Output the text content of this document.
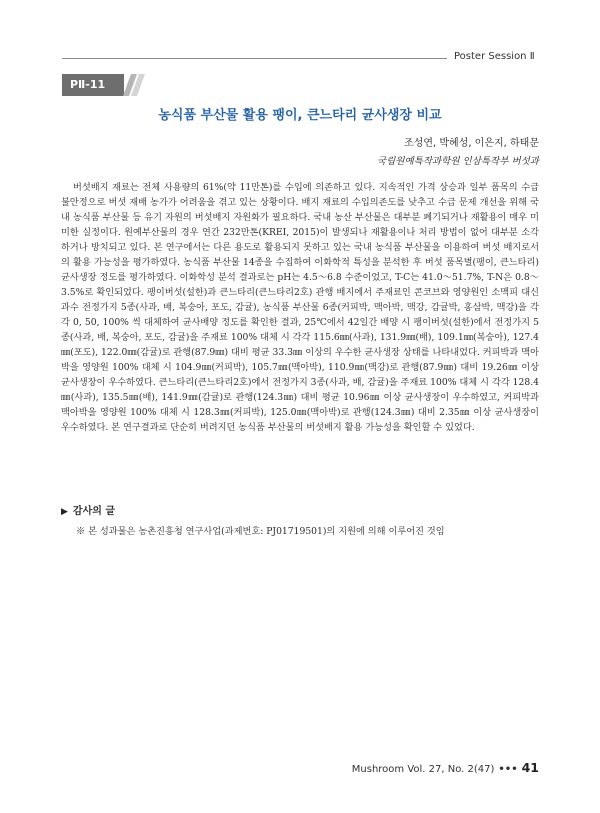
Poster Session Ⅱ
PⅡ-11
농식품 부산물 활용 팽이, 큰느타리 균사생장 비교
조성연, 박혜성, 이은지, 하태문
국립원예특작과학원 인삼특작부 버섯과

버섯배지 재료는 전체 사용량의 61%(약 11만톤)를 수입에 의존하고 있다. 지속적인 가격 상승과 일부 품목의 수급 불안정으로 버섯 재배 농가가 어려움을 겪고 있는 상황이다. 배지 재료의 수입의존도를 낮추고 수급 문제 개선을 위해 국내 농식품 부산물 등 유기 자원의 버섯배지 자원화가 필요하다. 국내 농산 부산물은 대부분 폐기되거나 재활용이 매우 미미한 실정이다. 원예부산물의 경우 연간 232만톤(KREI, 2015)이 발생되나 재활용이나 처리 방법이 없어 대부분 소각하거나 방치되고 있다. 본 연구에서는 다른 용도로 활용되지 못하고 있는 국내 농식품 부산물을 이용하여 버섯 배지로서의 활용 가능성을 평가하였다. 농식품 부산물 14종을 수집하여 이화학적 특성을 분석한 후 버섯 품목별(팽이, 큰느타리) 균사생장 정도를 평가하였다. 이화학성 분석 결과로는 pH는 4.5～6.8 수준이었고, T-C는 41.0～51.7%, T-N은 0.8～3.5%로 확인되었다. 팽이버섯(설한)과 큰느타리(큰느타리2호) 관행 배지에서 주재료인 콘코브와 영양원인 소맥피 대신 과수 전정가지 5종(사과, 배, 복숭아, 포도, 감귤), 농식품 부산물 6종(커피박, 맥아박, 맥강, 감귤박, 홍삼박, 맥강)을 각각 0, 50, 100% 씩 대체하여 균사배양 정도를 확인한 결과, 25℃에서 42일간 배양 시 팽이버섯(설한)에서 전정가지 5종(사과, 배, 복숭아, 포도, 감귤)을 주재료 100% 대체 시 각각 115.6㎜(사과), 131.9㎜(배), 109.1㎜(복숭아), 127.4㎜(포도), 122.0㎜(감귤)로 관행(87.9㎜) 대비 평균 33.3㎜ 이상의 우수한 균사생장 상태를 나타내었다. 커피박과 맥아박을 영양원 100% 대체 시 104.9㎜(커피박), 105.7㎜(맥아박), 110.9㎜(맥강)로 관행(87.9㎜) 대비 19.26㎜ 이상 균사생장이 우수하였다. 큰느타리(큰느타리2호)에서 전정가지 3종(사과, 배, 감귤)을 주재료 100% 대체 시 각각 128.4㎜(사과), 135.5㎜(배), 141.9㎜(감귤)로 관행(124.3㎜) 대비 평균 10.96㎜ 이상 균사생장이 우수하였고, 커피박과 맥아박을 영양원 100% 대체 시 128.3㎜(커피박), 125.0㎜(맥아박)로 관행(124.3㎜) 대비 2.35㎜ 이상 균사생장이 우수하였다. 본 연구결과로 단순히 버려지던 농식품 부산물의 버섯배지 활용 가능성을 확인할 수 있었다.

▶ 감사의 글
※ 본 성과물은 농촌진흥청 연구사업(과제번호: PJ01719501)의 지원에 의해 이루어진 것임
Mushroom Vol. 27, No. 2(47) ••• 41
